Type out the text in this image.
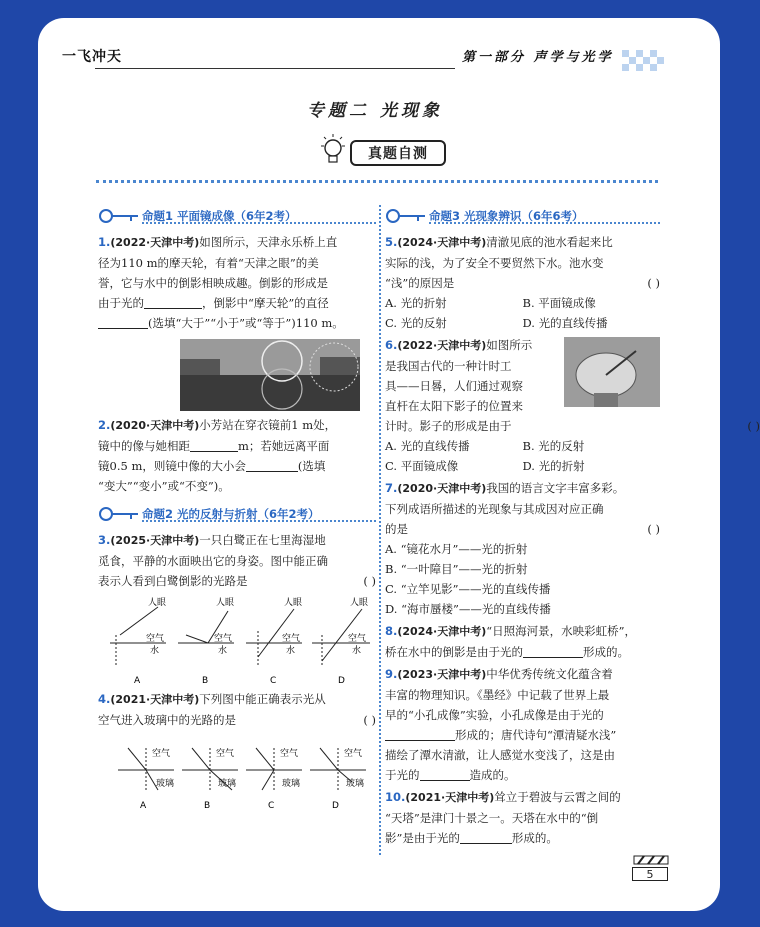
一飞冲天	第一部分 声学与光学
专题二 光现象
真题自测
命题1 平面镜成像（6年2考）
1.(2022·天津中考)如图所示，天津永乐桥上直
径为110 m的摩天轮，有着“天津之眼”的美
誉，它与水中的倒影相映成趣。倒影的形成是
由于光的	，倒影中“摩天轮”的直径
(选填“大于”“小于”或“等于”)110 m。
2.(2020·天津中考)小芳站在穿衣镜前1 m处，
镜中的像与她相距	m；若她远离平面
镜0.5 m，则镜中像的大小会	(选填
“变大”“变小”或“不变”)。
命题2 光的反射与折射（6年2考）
3.(2025·天津中考)一只白鹭正在七里海湿地
觅食，平静的水面映出它的身姿。图中能正确
表示人看到白鹭倒影的光路是	( )
人眼
空气
水
人眼
空气
水
人眼
空气
水
人眼
空气
水
A	B	C	D
4.(2021·天津中考)下列图中能正确表示光从
空气进入玻璃中的光路的是	( )
空气
玻璃
空气
玻璃
空气
玻璃
空气
玻璃
A	B	C	D
命题3 光现象辨识（6年6考）
5.(2024·天津中考)清澈见底的池水看起来比
实际的浅，为了安全不要贸然下水。池水变
“浅”的原因是	( )
A. 光的折射	B. 平面镜成像
C. 光的反射	D. 光的直线传播
6.(2022·天津中考)如图所示
是我国古代的一种计时工
具——日晷，人们通过观察
直杆在太阳下影子的位置来
计时。影子的形成是由于	( )
A. 光的直线传播	B. 光的反射
C. 平面镜成像	D. 光的折射
7.(2020·天津中考)我国的语言文字丰富多彩。
下列成语所描述的光现象与其成因对应正确
的是	( )
A. “镜花水月”——光的折射
B. “一叶障目”——光的折射
C. “立竿见影”——光的直线传播
D. “海市蜃楼”——光的直线传播
8.(2024·天津中考)“日照海河景，水映彩虹桥”，
桥在水中的倒影是由于光的	形成的。
9.(2023·天津中考)中华优秀传统文化蕴含着
丰富的物理知识。《墨经》中记载了世界上最
早的“小孔成像”实验，小孔成像是由于光的
形成的；唐代诗句“潭清疑水浅”
描绘了潭水清澈，让人感觉水变浅了，这是由
于光的	造成的。
10.(2021·天津中考)耸立于碧波与云霄之间的
“天塔”是津门十景之一。天塔在水中的“倒
影”是由于光的	形成的。
5
